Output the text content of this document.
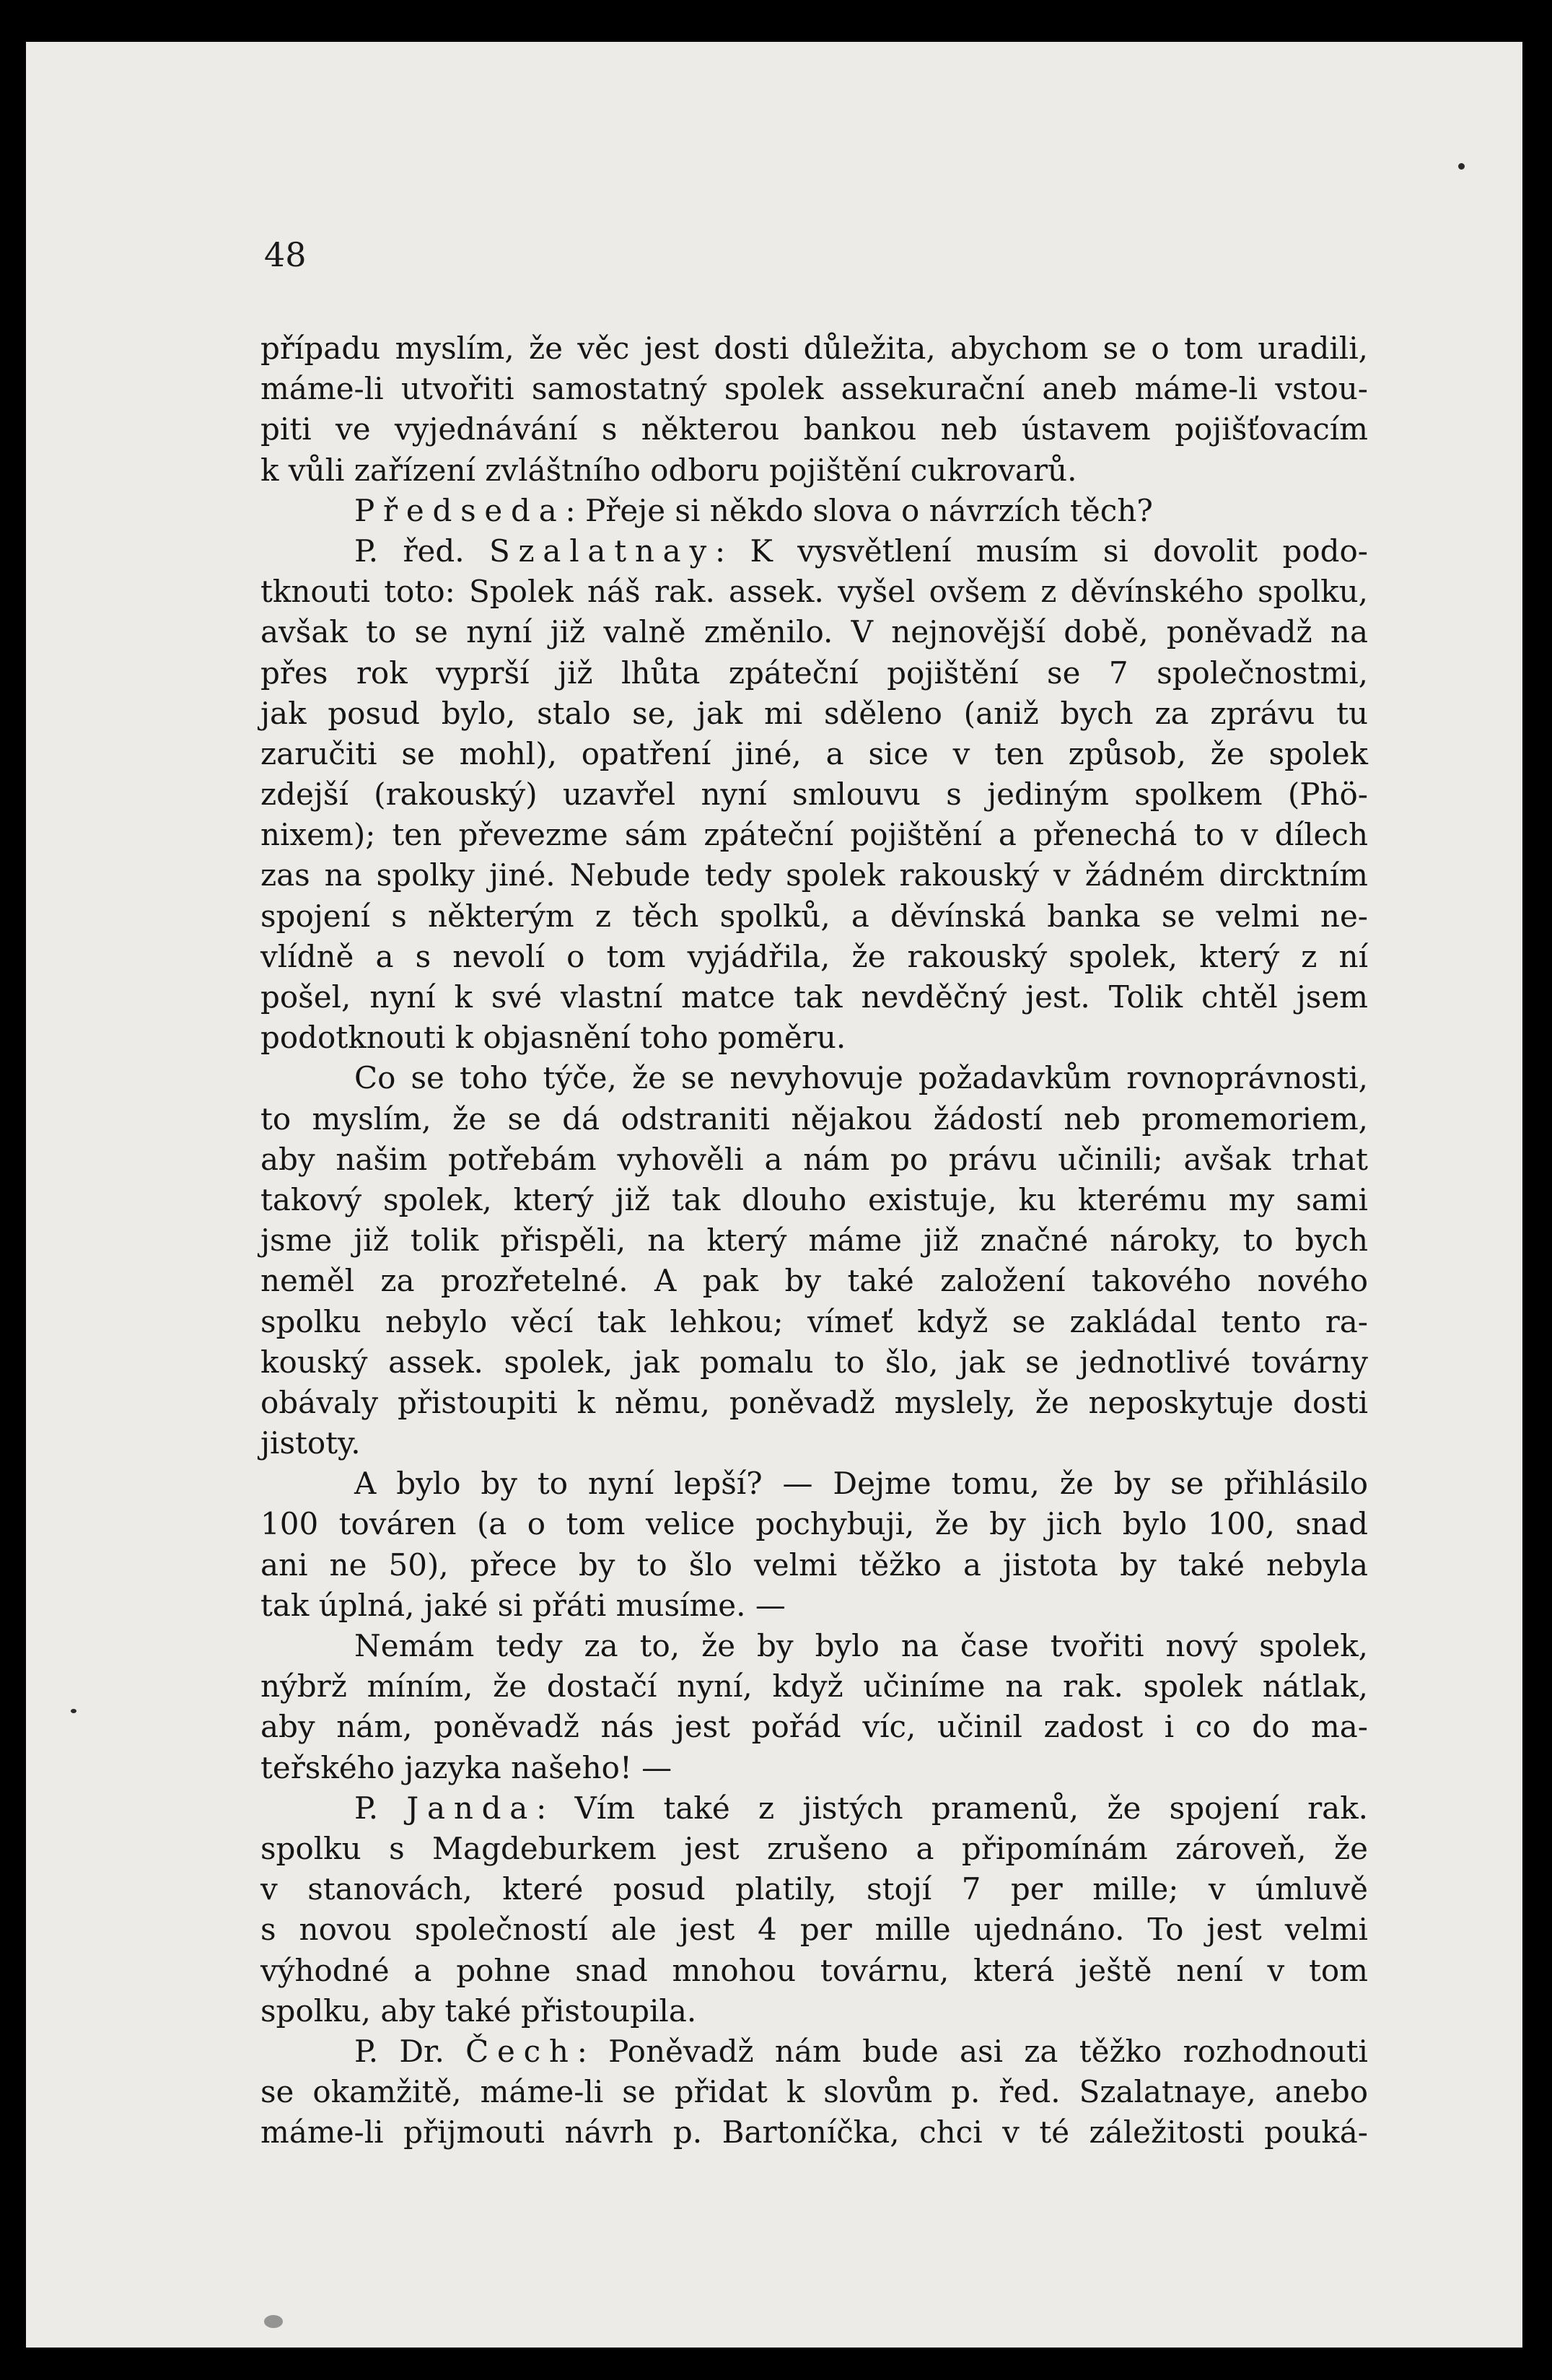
48

případu myslím, že věc jest dosti důležita, abychom se o tom uradili,
máme-li utvořiti samostatný spolek assekurační aneb máme-li vstou-
piti ve vyjednávání s některou bankou neb ústavem pojišťovacím
k vůli zařízení zvláštního odboru pojištění cukrovarů.
Předseda: Přeje si někdo slova o návrzích těch?
P. řed. Szalatnay: K vysvětlení musím si dovolit podo-
tknouti toto: Spolek náš rak. assek. vyšel ovšem z děvínského spolku,
avšak to se nyní již valně změnilo. V nejnovější době, poněvadž na
přes rok vyprší již lhůta zpáteční pojištění se 7 společnostmi,
jak posud bylo, stalo se, jak mi sděleno (aniž bych za zprávu tu
zaručiti se mohl), opatření jiné, a sice v ten způsob, že spolek
zdejší (rakouský) uzavřel nyní smlouvu s jediným spolkem (Phö-
nixem); ten převezme sám zpáteční pojištění a přenechá to v dílech
zas na spolky jiné. Nebude tedy spolek rakouský v žádném dircktním
spojení s některým z těch spolků, a děvínská banka se velmi ne-
vlídně a s nevolí o tom vyjádřila, že rakouský spolek, který z ní
pošel, nyní k své vlastní matce tak nevděčný jest. Tolik chtěl jsem
podotknouti k objasnění toho poměru.
Co se toho týče, že se nevyhovuje požadavkům rovnoprávnosti,
to myslím, že se dá odstraniti nějakou žádostí neb promemoriem,
aby našim potřebám vyhověli a nám po právu učinili; avšak trhat
takový spolek, který již tak dlouho existuje, ku kterému my sami
jsme již tolik přispěli, na který máme již značné nároky, to bych
neměl za prozřetelné. A pak by také založení takového nového
spolku nebylo věcí tak lehkou; vímeť když se zakládal tento ra-
kouský assek. spolek, jak pomalu to šlo, jak se jednotlivé továrny
obávaly přistoupiti k němu, poněvadž myslely, že neposkytuje dosti
jistoty.
A bylo by to nyní lepší? — Dejme tomu, že by se přihlásilo
100 továren (a o tom velice pochybuji, že by jich bylo 100, snad
ani ne 50), přece by to šlo velmi těžko a jistota by také nebyla
tak úplná, jaké si přáti musíme. —
Nemám tedy za to, že by bylo na čase tvořiti nový spolek,
nýbrž míním, že dostačí nyní, když učiníme na rak. spolek nátlak,
aby nám, poněvadž nás jest pořád víc, učinil zadost i co do ma-
teřského jazyka našeho! —
P. Janda: Vím také z jistých pramenů, že spojení rak.
spolku s Magdeburkem jest zrušeno a připomínám zároveň, že
v stanovách, které posud platily, stojí 7 per mille; v úmluvě
s novou společností ale jest 4 per mille ujednáno. To jest velmi
výhodné a pohne snad mnohou továrnu, která ještě není v tom
spolku, aby také přistoupila.
P. Dr. Čech: Poněvadž nám bude asi za těžko rozhodnouti
se okamžitě, máme-li se přidat k slovům p. řed. Szalatnaye, anebo
máme-li přijmouti návrh p. Bartoníčka, chci v té záležitosti pouká-
